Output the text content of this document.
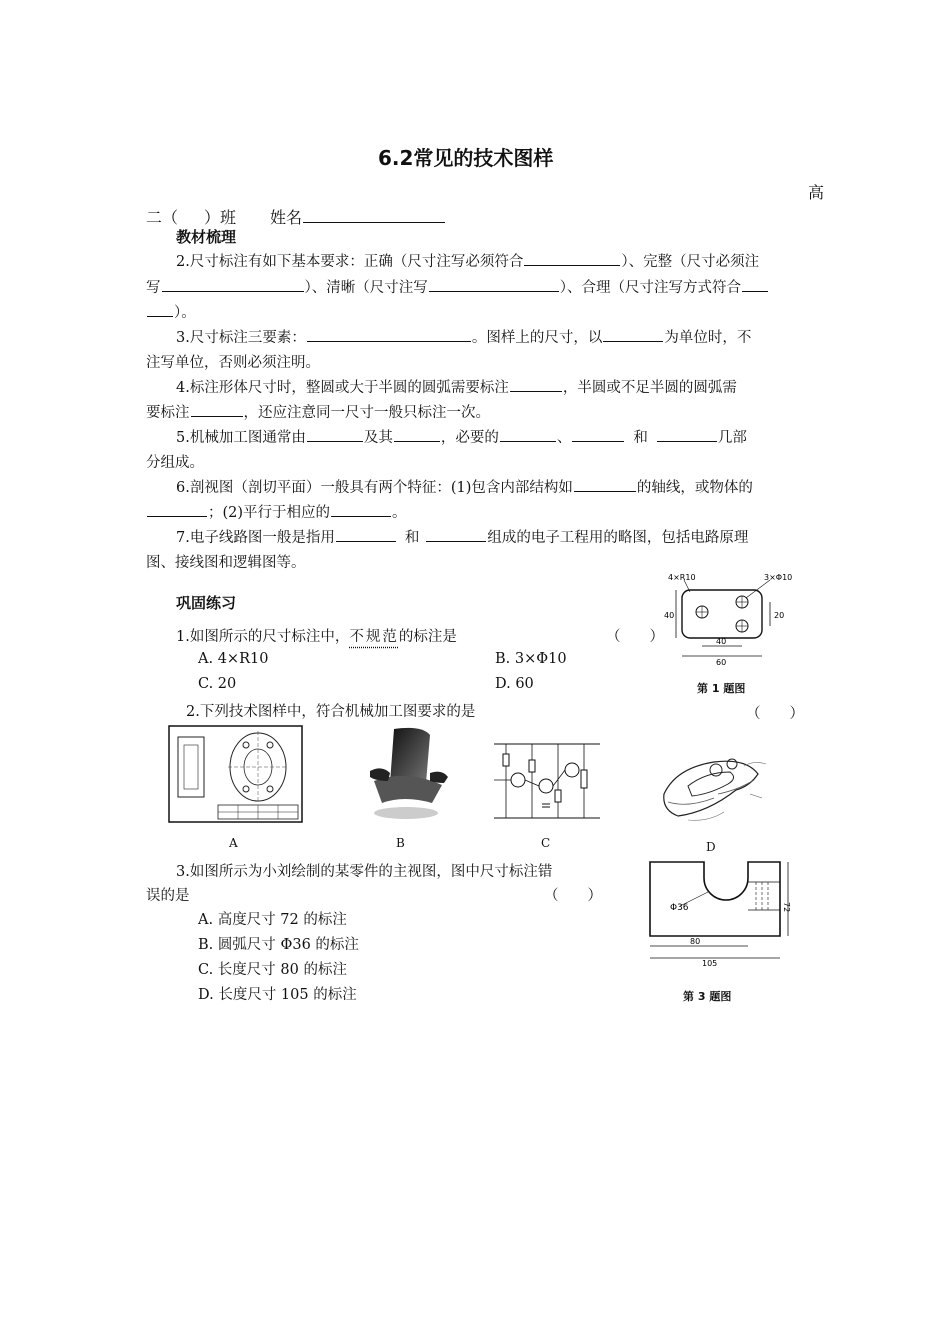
6.2常见的技术图样
高
二（ ）班 姓名
教材梳理
2.尺寸标注有如下基本要求：正确（尺寸注写必须符合	）、完整（尺寸必须注
写	）、清晰（尺寸注写	）、合理（尺寸注写方式符合
）。
3.尺寸标注三要素：	。图样上的尺寸，以	为单位时，不
注写单位，否则必须注明。
4.标注形体尺寸时，整圆或大于半圆的圆弧需要标注	，半圆或不足半圆的圆弧需
要标注	，还应注意同一尺寸一般只标注一次。
5.机械加工图通常由	及其	，必要的	、	和	几部
分组成。
6.剖视图（剖切平面）一般具有两个特征：(1)包含内部结构如	的轴线，或物体的
；(2)平行于相应的	。
7.电子线路图一般是指用	和	组成的电子工程用的略图，包括电路原理
图、接线图和逻辑图等。
巩固练习
1.如图所示的尺寸标注中，不规范的标注是	（　　）
A. 4×R10	B. 3×Φ10
C. 20	D. 60
4×R10	3×Φ10
40	20
40
60
第 1 题图
2.下列技术图样中，符合机械加工图要求的是	（　　）
A	B	C	D
3.如图所示为小刘绘制的某零件的主视图，图中尺寸标注错
误的是	（　　）
A. 高度尺寸 72 的标注
B. 圆弧尺寸 Φ36 的标注
C. 长度尺寸 80 的标注
D. 长度尺寸 105 的标注
Φ36
80
105
72
第 3 题图
